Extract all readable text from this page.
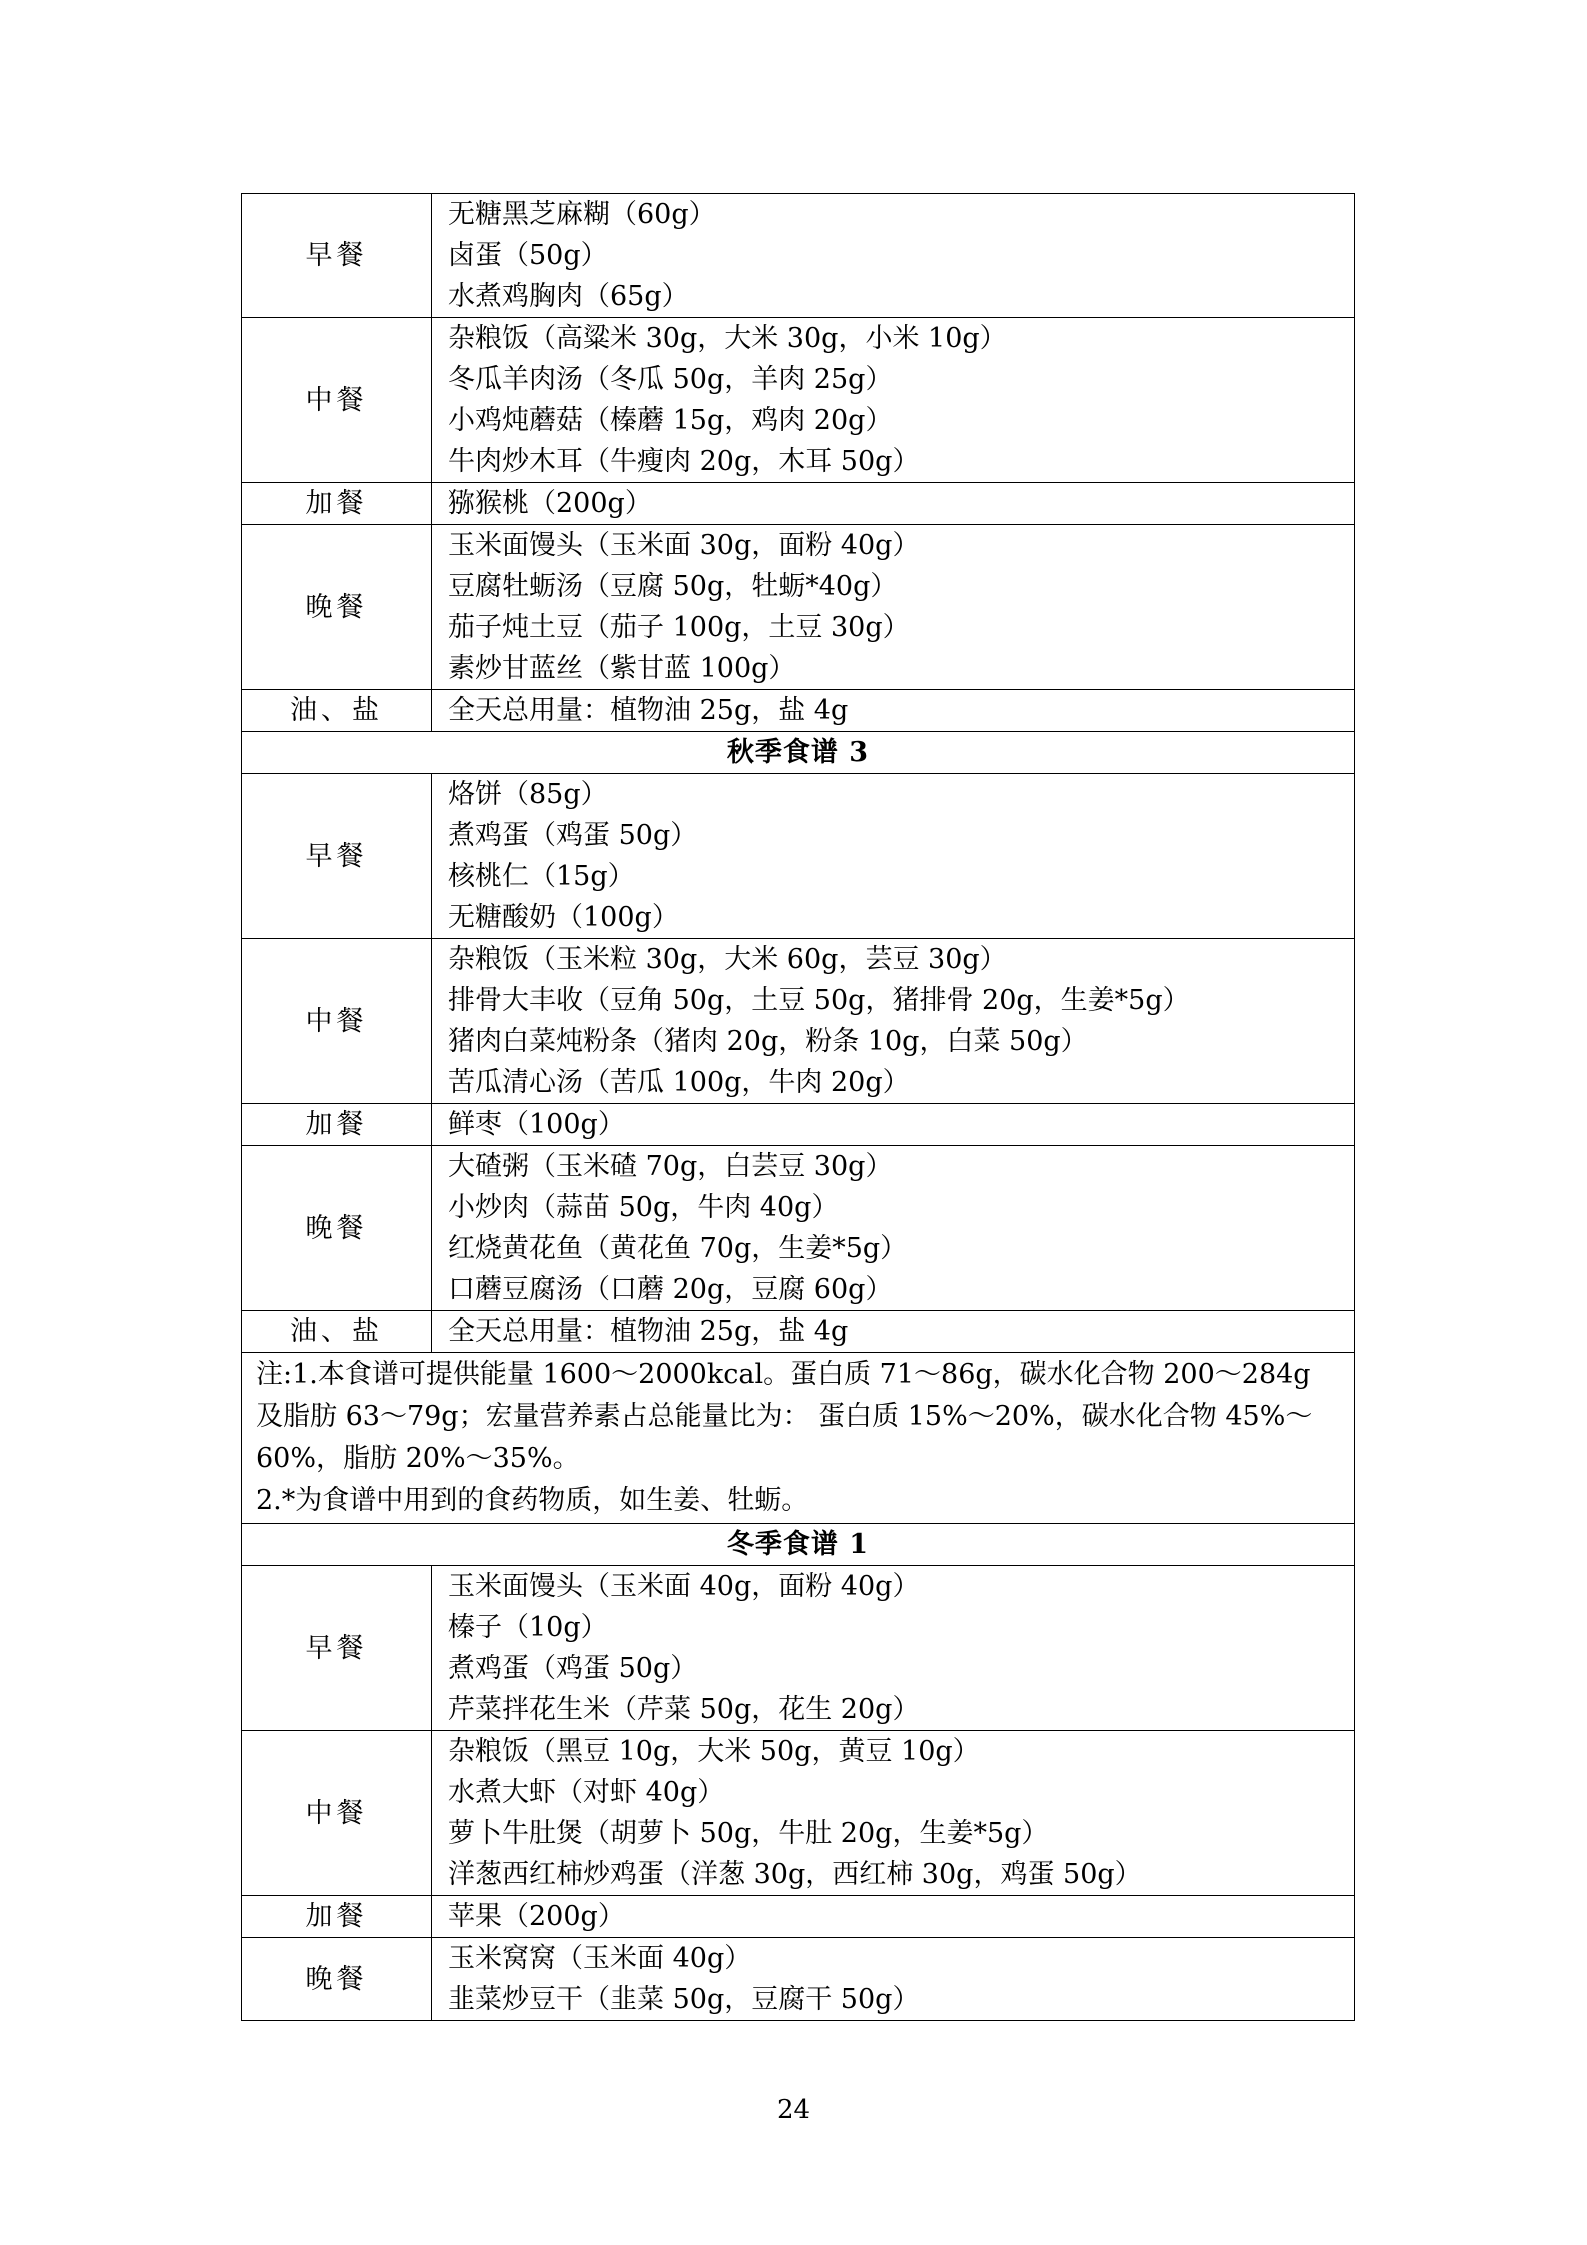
早餐	无糖黑芝麻糊（60g）
卤蛋（50g）
水煮鸡胸肉（65g）

中餐	杂粮饭（高粱米 30g，大米 30g，小米 10g）
冬瓜羊肉汤（冬瓜 50g，羊肉 25g）
小鸡炖蘑菇（榛蘑 15g，鸡肉 20g）
牛肉炒木耳（牛瘦肉 20g，木耳 50g）

加餐	猕猴桃（200g）

晚餐	玉米面馒头（玉米面 30g，面粉 40g）
豆腐牡蛎汤（豆腐 50g，牡蛎*40g）
茄子炖土豆（茄子 100g，土豆 30g）
素炒甘蓝丝（紫甘蓝 100g）

油、盐	全天总用量：植物油 25g，盐 4g

秋季食谱 3	
早餐	烙饼（85g）
煮鸡蛋（鸡蛋 50g）
核桃仁（15g）
无糖酸奶（100g）

中餐	杂粮饭（玉米粒 30g，大米 60g，芸豆 30g）
排骨大丰收（豆角 50g，土豆 50g，猪排骨 20g，生姜*5g）
猪肉白菜炖粉条（猪肉 20g，粉条 10g，白菜 50g）
苦瓜清心汤（苦瓜 100g，牛肉 20g）

加餐	鲜枣（100g）

晚餐	大碴粥（玉米碴 70g，白芸豆 30g）
小炒肉（蒜苗 50g，牛肉 40g）
红烧黄花鱼（黄花鱼 70g，生姜*5g）
口蘑豆腐汤（口蘑 20g，豆腐 60g）

油、盐	全天总用量：植物油 25g，盐 4g

注:1.本食谱可提供能量 1600～2000kcal。蛋白质 71～86g，碳水化合物 200～284g 及脂肪 63～79g；宏量营养素占总能量比为： 蛋白质 15%～20%，碳水化合物 45%～60%，脂肪 20%～35%。
2.*为食谱中用到的食药物质，如生姜、牡蛎。	

冬季食谱 1	
早餐	玉米面馒头（玉米面 40g，面粉 40g）
榛子（10g）
煮鸡蛋（鸡蛋 50g）
芹菜拌花生米（芹菜 50g，花生 20g）

中餐	杂粮饭（黑豆 10g，大米 50g，黄豆 10g）
水煮大虾（对虾 40g）
萝卜牛肚煲（胡萝卜 50g，牛肚 20g，生姜*5g）
洋葱西红柿炒鸡蛋（洋葱 30g，西红柿 30g，鸡蛋 50g）

加餐	苹果（200g）

晚餐	玉米窝窝（玉米面 40g）
韭菜炒豆干（韭菜 50g，豆腐干 50g）
24
